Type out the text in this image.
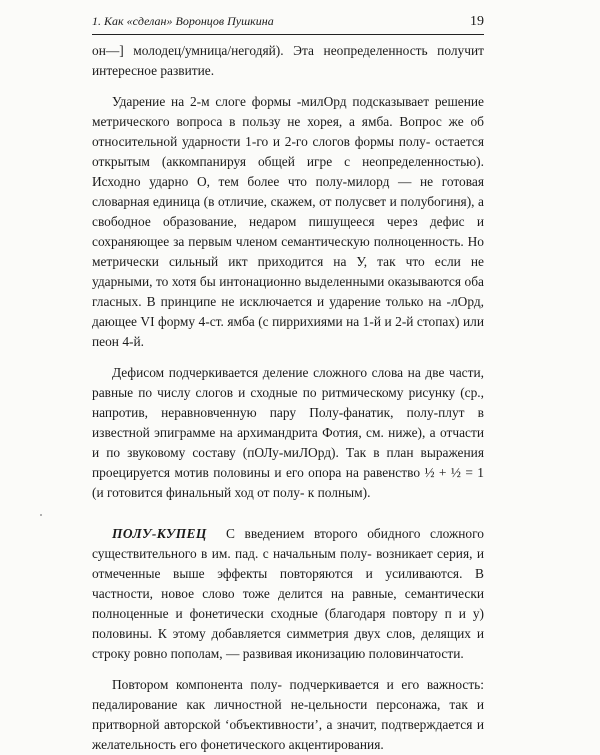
1. Как «сделан» Воронцов Пушкина	19

он—] молодец/умница/негодяй). Эта неопределенность получит интересное развитие.

Ударение на 2-м слоге формы -милОрд подсказывает решение метрического вопроса в пользу не хорея, а ямба. Вопрос же об относительной ударности 1-го и 2-го слогов формы полу- остается открытым (аккомпанируя общей игре с неопределенностью). Исходно ударно О, тем более что полу-милорд — не готовая словарная единица (в отличие, скажем, от полусвет и полубогиня), а свободное образование, недаром пишущееся через дефис и сохраняющее за первым членом семантическую полноценность. Но метрически сильный икт приходится на У, так что если не ударными, то хотя бы интонационно выделенными оказываются оба гласных. В принципе не исключается и ударение только на -лОрд, дающее VI форму 4-ст. ямба (с пиррихиями на 1-й и 2-й стопах) или пеон 4-й.

Дефисом подчеркивается деление сложного слова на две части, равные по числу слогов и сходные по ритмическому рисунку (ср., напротив, неравновченную пару Полу-фанатик, полу-плут в известной эпиграмме на архимандрита Фотия, см. ниже), а отчасти и по звуковому составу (пОЛу-миЛОрд). Так в план выражения проецируется мотив половины и его опора на равенство ½ + ½ = 1 (и готовится финальный ход от полу- к полным).

ПОЛУ-КУПЕЦ С введением второго обидного сложного существительного в им. пад. с начальным полу- возникает серия, и отмеченные выше эффекты повторяются и усиливаются. В частности, новое слово тоже делится на равные, семантически полноценные и фонетически сходные (благодаря повтору п и у) половины. К этому добавляется симметрия двух слов, делящих и строку ровно пополам, — развивая иконизацию половинчатости.

Повтором компонента полу- подчеркивается и его важность: педалирование как личностной не-цельности персонажа, так и притворной авторской ‘объективности’, а значит, подтверждается и желательность его фонетического акцентирования.
